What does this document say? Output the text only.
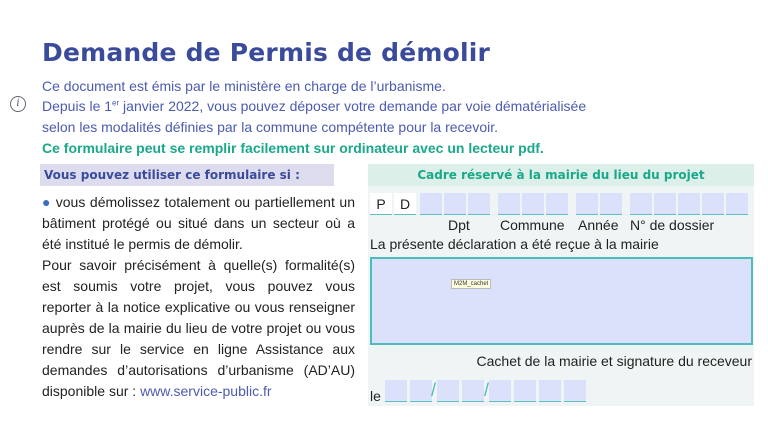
Demande de Permis de démolir
Ce document est émis par le ministère en charge de l’urbanisme.
i	Depuis le 1er janvier 2022, vous pouvez déposer votre demande par voie dématérialisée
selon les modalités définies par la commune compétente pour la recevoir.
Ce formulaire peut se remplir facilement sur ordinateur avec un lecteur pdf.
Vous pouvez utiliser ce formulaire si :
● vous démolissez totalement ou partiellement un bâtiment protégé ou situé dans un secteur où a été institué le permis de démolir.
Pour savoir précisément à quelle(s) formalité(s) est soumis votre projet, vous pouvez vous reporter à la notice explicative ou vous renseigner auprès de la mairie du lieu de votre projet ou vous rendre sur le service en ligne Assistance aux demandes d’autorisations d’urbanisme (AD’AU) disponible sur : www.service-public.fr
Cadre réservé à la mairie du lieu du projet
P	D
Dpt Commune Année N° de dossier
La présente déclaration a été reçue à la mairie
M2M_cachet
Cachet de la mairie et signature du receveur
le	/	/
